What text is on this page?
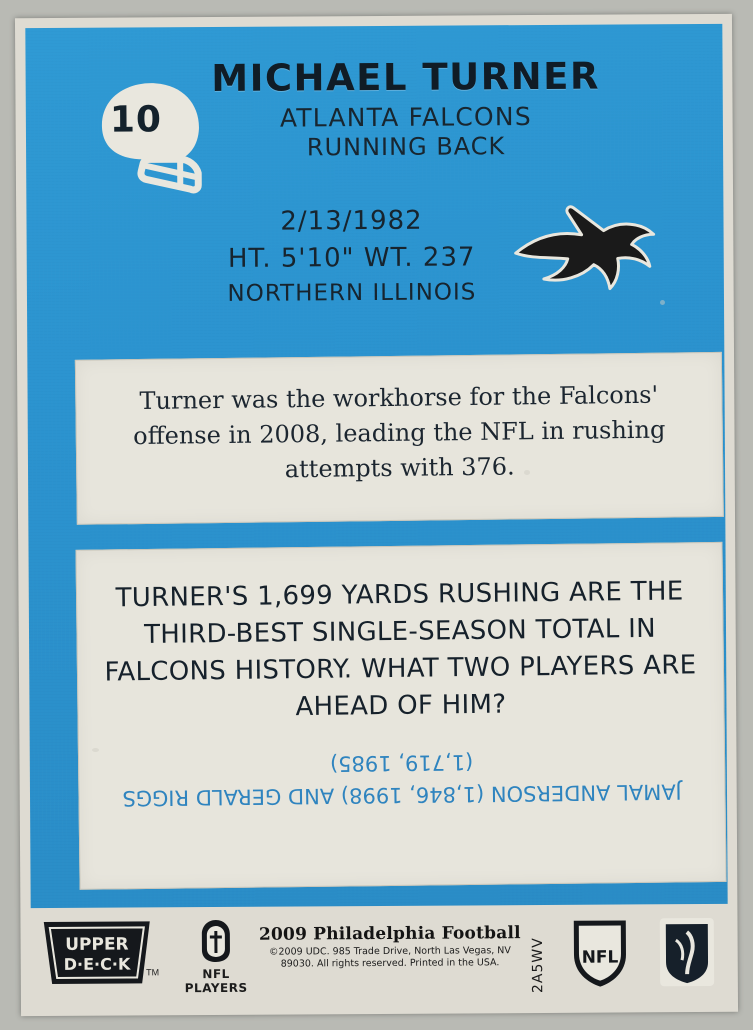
10
MICHAEL TURNER
ATLANTA FALCONS
RUNNING BACK
2/13/1982
HT. 5'10" WT. 237
NORTHERN ILLINOIS
Turner was the workhorse for the Falcons' offense in 2008, leading the NFL in rushing attempts with 376.
TURNER'S 1,699 YARDS RUSHING ARE THE THIRD-BEST SINGLE-SEASON TOTAL IN FALCONS HISTORY. WHAT TWO PLAYERS ARE AHEAD OF HIM?
JAMAL ANDERSON (1,846, 1998) AND GERALD RIGGS (1,719, 1985)
UPPER
D·E·C·K TM	NFL PLAYERS
2009 Philadelphia Football
©2009 UDC. 985 Trade Drive, North Las Vegas, NV 89030. All rights reserved. Printed in the USA.	2A5WV NFL
